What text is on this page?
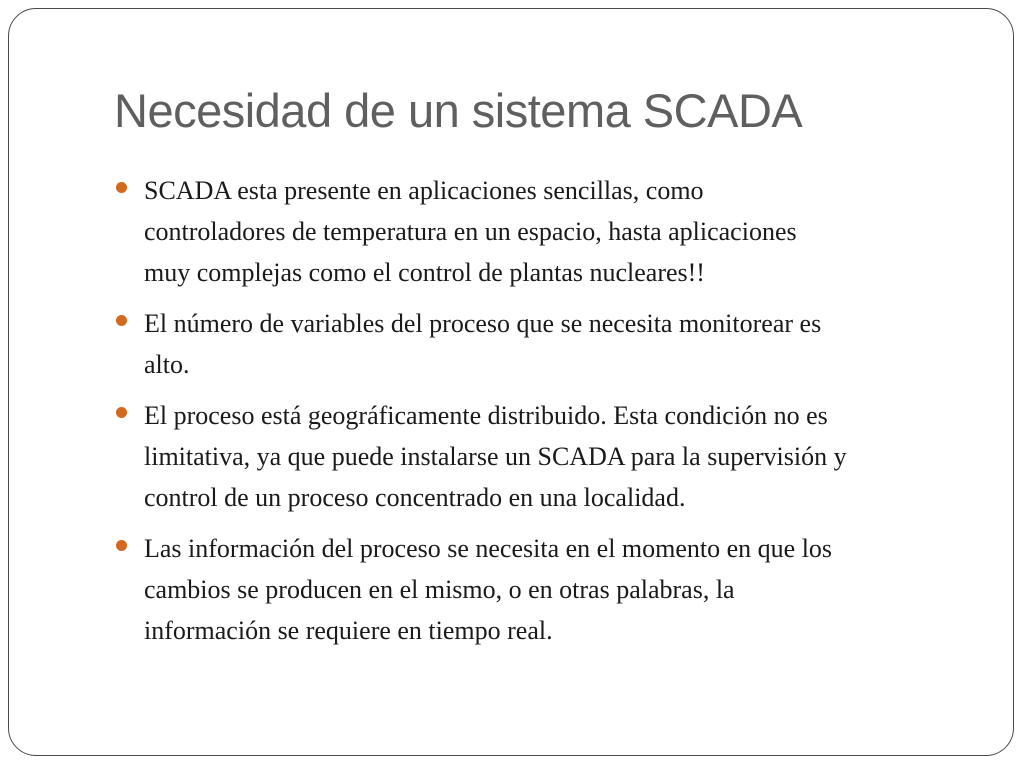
Necesidad de un sistema SCADA
SCADA esta presente en aplicaciones sencillas, como
controladores de temperatura en un espacio, hasta aplicaciones
muy complejas como el control de plantas nucleares!!
El número de variables del proceso que se necesita monitorear es
alto.
El proceso está geográficamente distribuido. Esta condición no es
limitativa, ya que puede instalarse un SCADA para la supervisión y
control de un proceso concentrado en una localidad.
Las información del proceso se necesita en el momento en que los
cambios se producen en el mismo, o en otras palabras, la
información se requiere en tiempo real.
